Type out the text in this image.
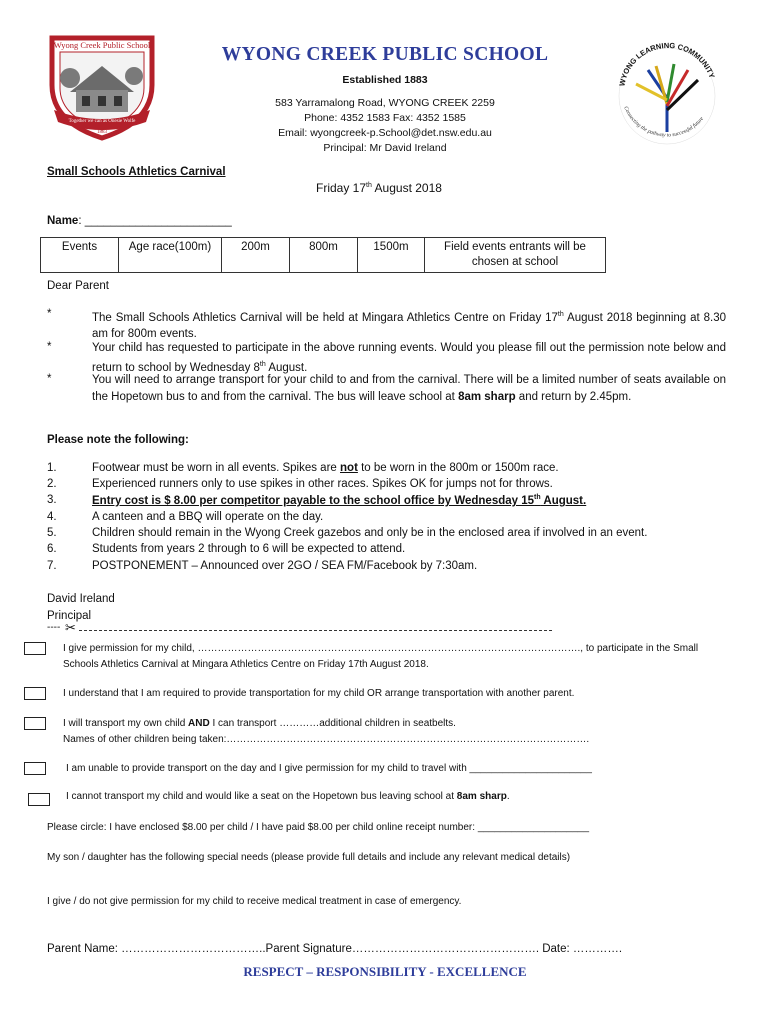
Wyong Creek Public School
Together we can as Onesie Wolfe
1883
WYONG LEARNING COMMUNITY
Connecting the pathway to successful future
WYONG CREEK PUBLIC SCHOOL
Established 1883
583 Yarramalong Road, WYONG CREEK 2259
Phone: 4352 1583 Fax: 4352 1585
Email: wyongcreek-p.School@det.nsw.edu.au
Principal: Mr David Ireland
Small Schools Athletics Carnival
Friday 17th August 2018
Name: _______________________
Events	Age race(100m)	200m	800m	1500m	Field events entrants will be chosen at school
Dear Parent
*	The Small Schools Athletics Carnival will be held at Mingara Athletics Centre on Friday 17th August 2018 beginning at 8.30 am for 800m events.
*	Your child has requested to participate in the above running events. Would you please fill out the permission note below and return to school by Wednesday 8th August.
*	You will need to arrange transport for your child to and from the carnival. There will be a limited number of seats available on the Hopetown bus to and from the carnival. The bus will leave school at 8am sharp and return by 2.45pm.
Please note the following:
1.	Footwear must be worn in all events. Spikes are not to be worn in the 800m or 1500m race.
2.	Experienced runners only to use spikes in other races. Spikes OK for jumps not for throws.
3.	Entry cost is $ 8.00 per competitor payable to the school office by Wednesday 15th August.
4.	A canteen and a BBQ will operate on the day.
5.	Children should remain in the Wyong Creek gazebos and only be in the enclosed area if involved in an event.
6.	Students from years 2 through to 6 will be expected to attend.
7.	POSTPONEMENT – Announced over 2GO / SEA FM/Facebook by 7:30am.
David Ireland
Principal
---- ✂
I give permission for my child, ……………………………………………………………………………………………………., to participate in the Small
Schools Athletics Carnival at Mingara Athletics Centre on Friday 17th August 2018.
I understand that I am required to provide transportation for my child OR arrange transportation with another parent.
I will transport my own child AND I can transport …………additional children in seatbelts.
Names of other children being taken:……………………………………………………………………………………………….
I am unable to provide transport on the day and I give permission for my child to travel with ______________________
I cannot transport my child and would like a seat on the Hopetown bus leaving school at 8am sharp.
Please circle: I have enclosed $8.00 per child / I have paid $8.00 per child online receipt number: ____________________
My son / daughter has the following special needs (please provide full details and include any relevant medical details)
I give / do not give permission for my child to receive medical treatment in case of emergency.
Parent Name: ………………………………..Parent Signature…………………………………………. Date: ………….
RESPECT – RESPONSIBILITY - EXCELLENCE
